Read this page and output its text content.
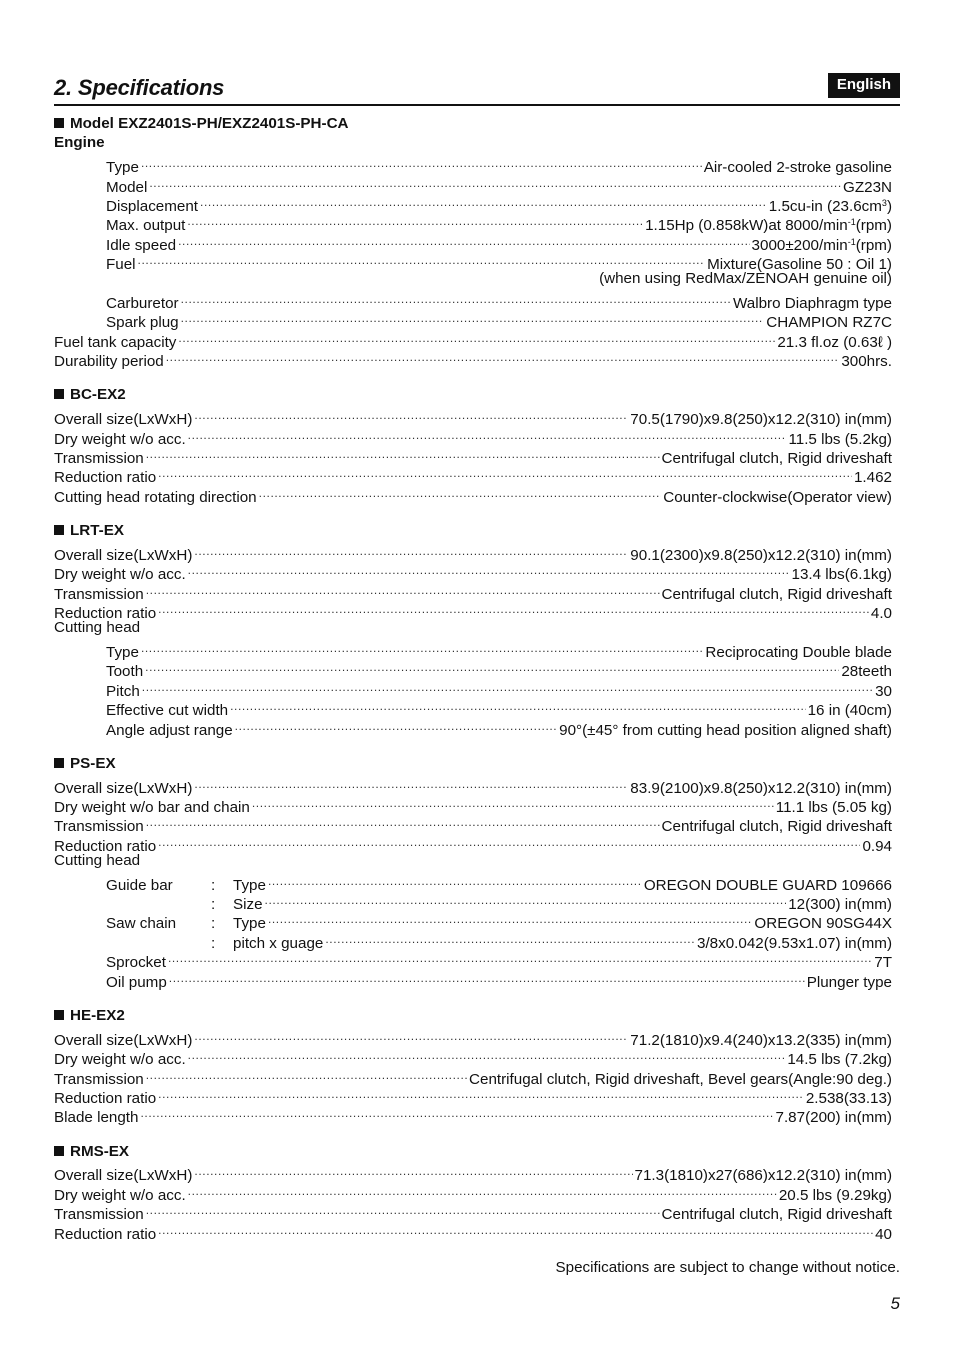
2. Specifications	English
Model EXZ2401S-PH/EXZ2401S-PH-CA
Engine
Type .....	Air-cooled 2-stroke gasoline
Model .....	GZ23N
Displacement .....	1.5cu-in $(23.6cm^3)$
Max. output .....	1.15Hp (0.858kW)at $8000/\min^{-1}(rpm)$
Idle speed .....	$3000\pm 200/\min^{-1}(rpm)$
Fuel .....	Mixture(Gasoline 50 : Oil 1)
(when using RedMax/ZENOAH genuine oil)
Carburetor .....	Walbro Diaphragm type
Spark plug .....	CHAMPION RZ7C
Fuel tank capacity .....	21.3 fl.oz (0.63ℓ )
Durability period .....	300hrs.
BC-EX2
Overall size(LxWxH) .....	70.5(1790)x9.8(250)x12.2(310) in(mm)
Dry weight w/o acc. .....	11.5 lbs (5.2kg)
Transmission .....	Centrifugal clutch, Rigid driveshaft
Reduction ratio .....	1.462
Cutting head rotating direction .....	Counter-clockwise(Operator view)
LRT-EX
Overall size(LxWxH) .....	90.1(2300)x9.8(250)x12.2(310) in(mm)
Dry weight w/o acc. .....	13.4 lbs(6.1kg)
Transmission .....	Centrifugal clutch, Rigid driveshaft
Reduction ratio .....	4.0
Cutting head
Type .....	Reciprocating Double blade
Tooth .....	28teeth
Pitch .....	30
Effective cut width .....	16 in (40cm)
Angle adjust range .....	90°(±45° from cutting head position aligned shaft)
PS-EX
Overall size(LxWxH) .....	83.9(2100)x9.8(250)x12.2(310) in(mm)
Dry weight w/o bar and chain .....	11.1 lbs (5.05 kg)
Transmission .....	Centrifugal clutch, Rigid driveshaft
Reduction ratio .....	0.94
Cutting head
Guide bar	: Type .....	OREGON DOUBLE GUARD 109666
: Size .....	12(300) in(mm)
Saw chain : Type .....	OREGON 90SG44X
: pitch x guage .....	3/8x0.042(9.53x1.07) in(mm)
Sprocket .....	7T
Oil pump .....	Plunger type
HE-EX2
Overall size(LxWxH) .....	71.2(1810)x9.4(240)x13.2(335) in(mm)
Dry weight w/o acc. .....	14.5 lbs (7.2kg)
Transmission .....	Centrifugal clutch, Rigid driveshaft, Bevel gears(Angle:90 deg.)
Reduction ratio .....	2.538(33.13)
Blade length .....	7.87(200) in(mm)
RMS-EX
Overall size(LxWxH) .....	71.3(1810)x27(686)x12.2(310) in(mm)
Dry weight w/o acc. .....	20.5 lbs (9.29kg)
Transmission .....	Centrifugal clutch, Rigid driveshaft
Reduction ratio .....	40
Specifications are subject to change without notice.
5
